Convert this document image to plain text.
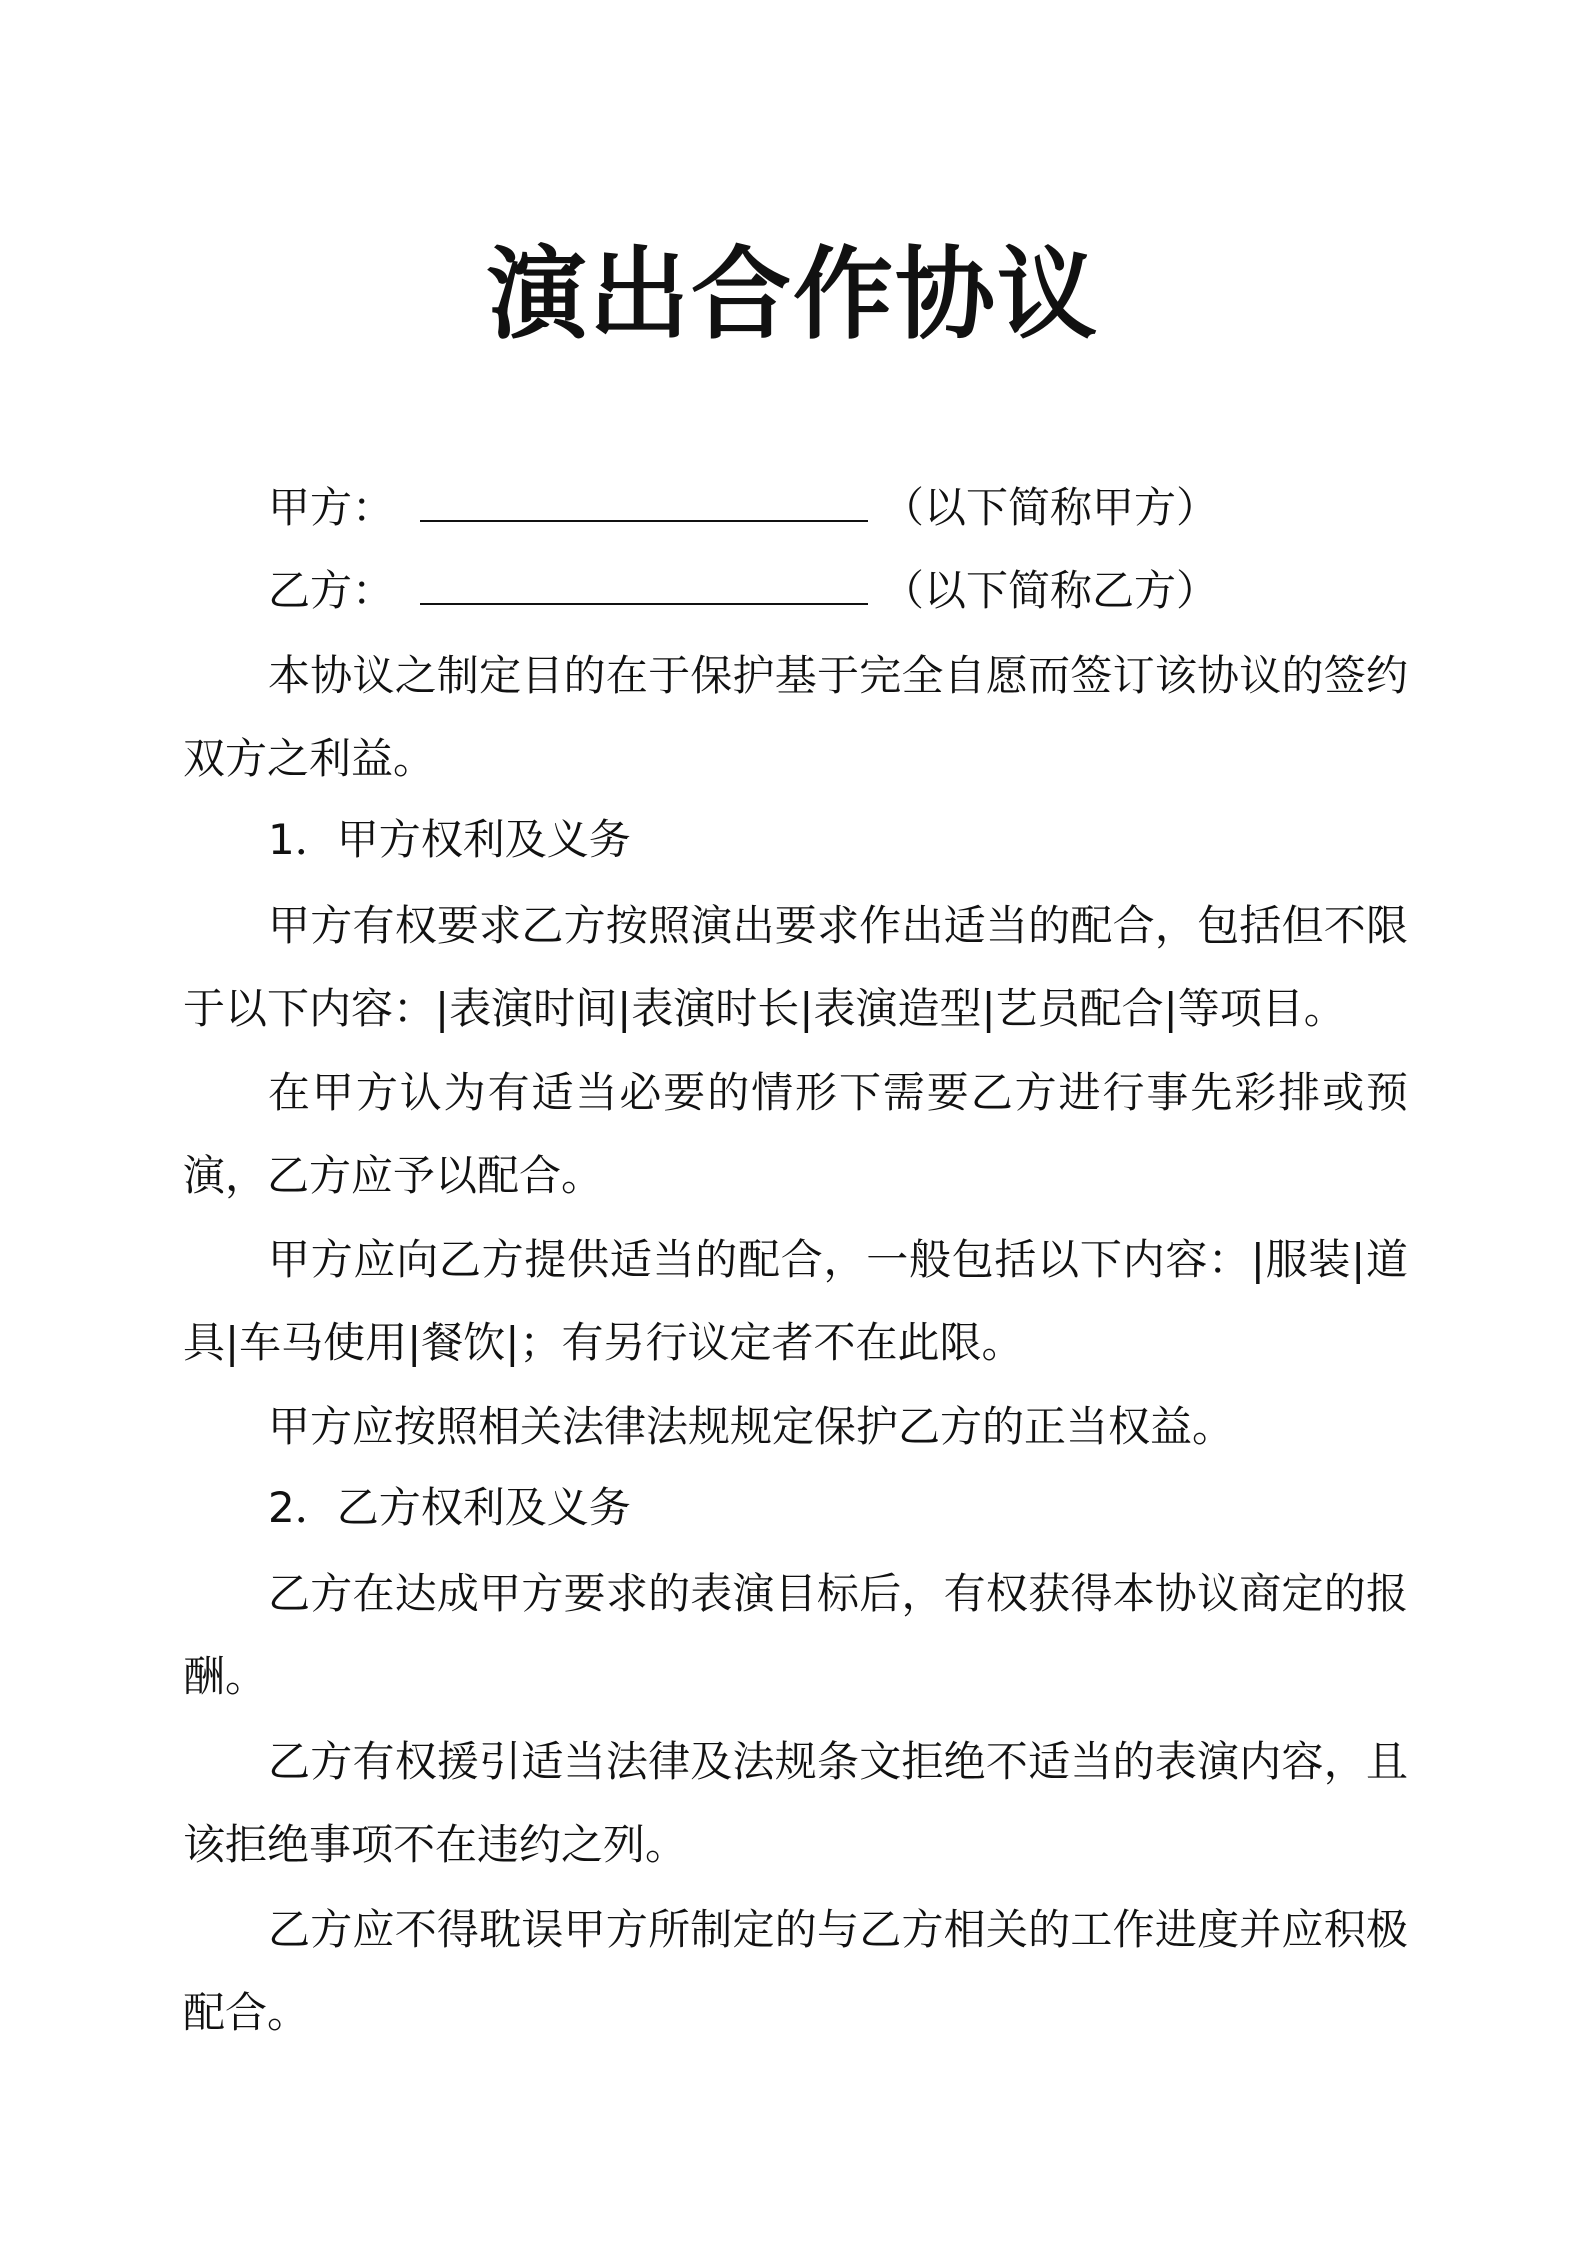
演出合作协议
甲方：	（以下简称甲方）
乙方：	（以下简称乙方）
本协议之制定目的在于保护基于完全自愿而签订该协议的签约双方之利益。
1．甲方权利及义务
甲方有权要求乙方按照演出要求作出适当的配合，包括但不限于以下内容：|表演时间|表演时长|表演造型|艺员配合|等项目。
在甲方认为有适当必要的情形下需要乙方进行事先彩排或预演，乙方应予以配合。
甲方应向乙方提供适当的配合，一般包括以下内容：|服装|道具|车马使用|餐饮|；有另行议定者不在此限。
甲方应按照相关法律法规规定保护乙方的正当权益。
2．乙方权利及义务
乙方在达成甲方要求的表演目标后，有权获得本协议商定的报酬。
乙方有权援引适当法律及法规条文拒绝不适当的表演内容，且该拒绝事项不在违约之列。
乙方应不得耽误甲方所制定的与乙方相关的工作进度并应积极配合。
